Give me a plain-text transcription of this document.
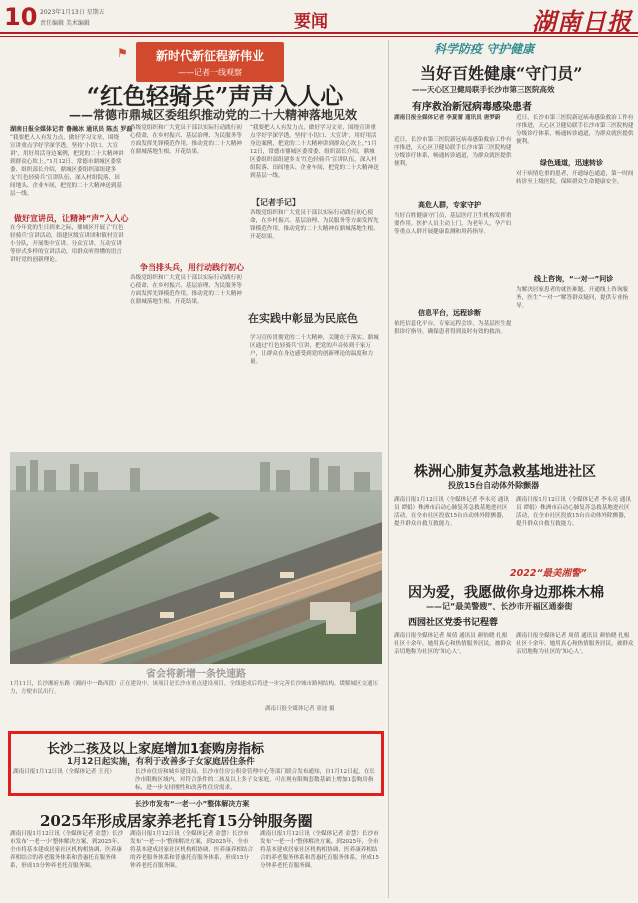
10 2023年1月13日 星期五
责任编辑 美术编辑	要闻	湖南日报
⚑	新时代新征程新伟业
——记者一线观察
“红色轻骑兵”声声入人心
——常德市鼎城区委组织推动党的二十大精神落地见效
湖南日报全媒体记者 鲁融冰 通讯员 陈杰 罗磊
“我要把人人有发力点，做好学习文章，围绕宣讲重点学好学深学透，坚持‘小切口、大宣讲’，用好用活身边案例，把党的二十大精神讲到群众心坎上。”1月12日，常德市鼎城区委常委、组织部长介绍，鼎城区委组织部组建多支‘红色轻骑兵’宣讲队伍，深入村组院落、田间地头、企业车间，把党的二十大精神送到基层一线。
做好宣讲员，让精神“声”入人心
在今年党的生日到来之际，鼎城区开展了‘红色轻骑兵’宣讲活动，组建区级宣讲团和镇村宣讲小分队，开展集中宣讲、分众宣讲、互动宣讲等形式多样的宣讲活动，用群众听得懂的语言讲好党的创新理论。
各级党组织和广大党员干部以实际行动践行初心使命，在乡村振兴、基层治理、为民服务等方面发挥先锋模范作用，推动党的二十大精神在鼎城落地生根、开花结果。
争当排头兵，用行动践行初心
各级党组织和广大党员干部以实际行动践行初心使命，在乡村振兴、基层治理、为民服务等方面发挥先锋模范作用，推动党的二十大精神在鼎城落地生根、开花结果。
“我要把人人有发力点，做好学习文章，围绕宣讲重点学好学深学透，坚持‘小切口、大宣讲’，用好用活身边案例，把党的二十大精神讲到群众心坎上。”1月12日，常德市鼎城区委常委、组织部长介绍，鼎城区委组织部组建多支‘红色轻骑兵’宣讲队伍，深入村组院落、田间地头、企业车间，把党的二十大精神送到基层一线。
【记者手记】
各级党组织和广大党员干部以实际行动践行初心使命，在乡村振兴、基层治理、为民服务等方面发挥先锋模范作用，推动党的二十大精神在鼎城落地生根、开花结果。
在实践中彰显为民底色
学习宣传贯彻党的二十大精神，关键在于落实。鼎城区通过‘红色轻骑兵’宣讲，把党的声音传到千家万户，让群众在身边感受到党的创新理论的温度和力量。
省会将新增一条快速路
1月11日，长沙湘府东路（湘府中一路西段）正在建设中。该项目是长沙市重点建设项目，全线建成后将进一步完善长沙城市路网结构，缓解城区交通压力，方便市民出行。
湖南日报全媒体记者 童迪 摄
长沙二孩及以上家庭增加1套购房指标
1月12日起实施，有利于改善多子女家庭居住条件
湖南日报1月12日讯（全媒体记者 王亮）	长沙市住房和城乡建设局、长沙市住房公积金管理中心等部门联合发布通知，自1月12日起，在长沙市限购区域内，对符合条件的二孩及以上多子女家庭，可在现有限购套数基础上增加1套购房指标，进一步支持刚性和改善性住房需求。
长沙市发布“一老一小”整体解决方案
2025年形成居家养老托育15分钟服务圈
湖南日报1月12日讯（全媒体记者 金慧）长沙市发布‘一老一小’整体解决方案，到2025年，全市将基本建成居家社区机构相协调、医养康养相结合的养老服务体系和普惠托育服务体系，形成15分钟养老托育服务圈。
湖南日报1月12日讯（全媒体记者 金慧）长沙市发布‘一老一小’整体解决方案，到2025年，全市将基本建成居家社区机构相协调、医养康养相结合的养老服务体系和普惠托育服务体系，形成15分钟养老托育服务圈。
湖南日报1月12日讯（全媒体记者 金慧）长沙市发布‘一老一小’整体解决方案，到2025年，全市将基本建成居家社区机构相协调、医养康养相结合的养老服务体系和普惠托育服务体系，形成15分钟养老托育服务圈。
科学防疫 守护健康
当好百姓健康“守门员”
——天心区卫健局联手长沙市第三医院高效
有序救治新冠病毒感染患者
湖南日报全媒体记者 李夏蕾 通讯员 唐梦蔚
近日，长沙市第三医院新冠病毒感染救治工作有序推进，天心区卫健局联手长沙市第三医院构建分级诊疗体系，畅通转诊通道，为群众就医提供便利。
高危人群，专家守护
当好百姓健康守门员，基层医疗卫生机构发挥重要作用。医护人员主动上门，为老年人、孕产妇等重点人群开展健康监测和用药指导。
信息平台，远程诊断
依托信息化平台，专家远程会诊，为基层医生提供诊疗指导，确保患者得到及时有效的救治。
近日，长沙市第三医院新冠病毒感染救治工作有序推进，天心区卫健局联手长沙市第三医院构建分级诊疗体系，畅通转诊通道，为群众就医提供便利。
绿色通道，迅速转诊
对于病情危重的患者，开通绿色通道，第一时间转诊至上级医院，保障群众生命健康安全。
线上咨询，“一对一”问诊
为解决居家患者的就医难题，开通线上咨询服务，医生“一对一”解答群众疑问，提供专业指导。
株洲心肺复苏急救基地进社区
投放15台自动体外除颤器
湖南日报1月12日讯（全媒体记者 李永亮 通讯员 谭娟）株洲市启动心肺复苏急救基地进社区活动，在全市社区投放15台自动体外除颤器，提升群众自救互救能力。
湖南日报1月12日讯（全媒体记者 李永亮 通讯员 谭娟）株洲市启动心肺复苏急救基地进社区活动，在全市社区投放15台自动体外除颤器，提升群众自救互救能力。
2022“最美湘警”
因为爱，我愿做你身边那株木棉
——记“最美警嫂”、长沙市开福区通泰街
西园社区党委书记程蓉
湖南日报全媒体记者 周倩 通讯员 颜怡晓 扎根社区十余年，她用真心和热情服务居民，被群众亲切地称为社区的‘知心人’。
湖南日报全媒体记者 周倩 通讯员 颜怡晓 扎根社区十余年，她用真心和热情服务居民，被群众亲切地称为社区的‘知心人’。
